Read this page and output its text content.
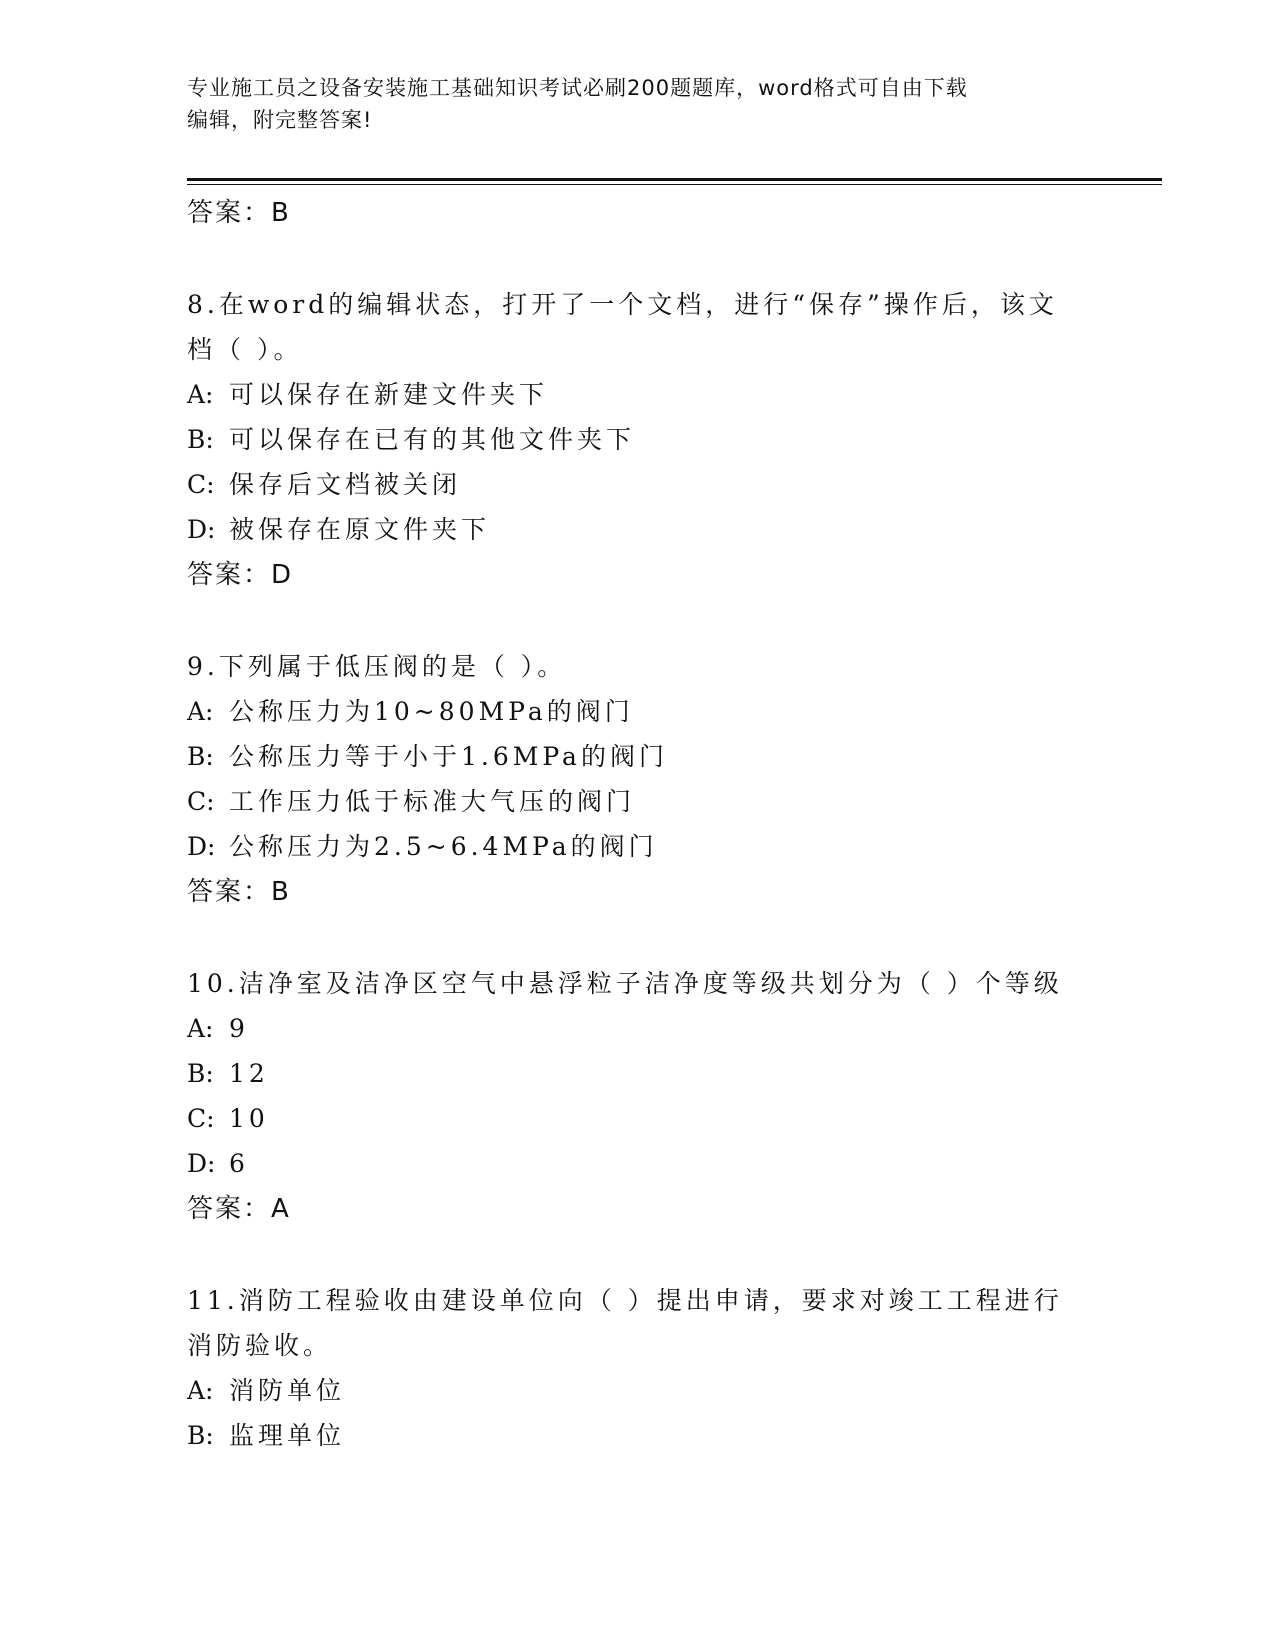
专业施工员之设备安装施工基础知识考试必刷200题题库，word格式可自由下载
编辑，附完整答案!
答案：B
8.在word的编辑状态，打开了一个文档，进行“保存”操作后，该文
档（ ）。
A: 可以保存在新建文件夹下
B: 可以保存在已有的其他文件夹下
C: 保存后文档被关闭
D: 被保存在原文件夹下
答案：D
9.下列属于低压阀的是（ ）。
A: 公称压力为10~80MPa的阀门
B: 公称压力等于小于1.6MPa的阀门
C: 工作压力低于标准大气压的阀门
D: 公称压力为2.5~6.4MPa的阀门
答案：B
10.洁净室及洁净区空气中悬浮粒子洁净度等级共划分为（ ）个等级
A: 9
B: 12
C: 10
D: 6
答案：A
11.消防工程验收由建设单位向（ ）提出申请，要求对竣工工程进行
消防验收。
A: 消防单位
B: 监理单位
